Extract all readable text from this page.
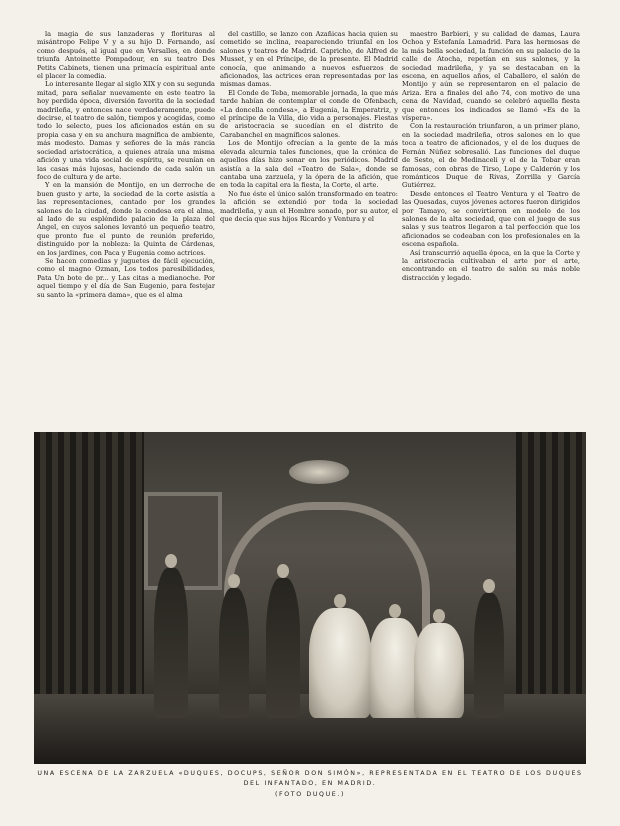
la magia de sus lanzaderas y florituras al misántropo Felipe V y a su hijo D. Fernando, así como después, al igual que en Versalles, en donde triunfa Antoinette Pompadour, en su teatro Des Petits Cabinets, tienen una primacía espiritual ante el placer la comedia.

Lo interesante llegar al siglo XIX y con su segunda mitad, para señalar nuevamente en este teatro la hoy perdida época, diversión favorita de la sociedad madrileña, y entonces nace verdaderamente, puede decirse, el teatro de salón, tiempos y acogidas, como todo lo selecto, pues los aficionados están en su propia casa y en su anchura magnífica de ambiente, más modesto. Damas y señores de la más rancia sociedad aristocrática, a quienes atraía una misma afición y una vida social de espíritu, se reunían en las casas más lujosas, haciendo de cada salón un foco de cultura y de arte.

Y en la mansión de Montijo, en un derroche de buen gusto y arte, la sociedad de la corte asistía a las representaciones, cantado por los grandes salones de la ciudad, donde la condesa era el alma, al lado de su espléndido palacio de la plaza del Ángel, en cuyos salones levantó un pequeño teatro, que pronto fue el punto de reunión preferido, distinguido por la nobleza: la Quinta de Cárdenas, en los jardines, con Paca y Eugenia como actrices.

Se hacen comedias y juguetes de fácil ejecución, como el magno Ozman, Los todos paresibilidades, Pata Un bote de pr... y Las citas a medianoche. Por aquel tiempo y el día de San Eugenio, para festejar su santo la «primera dama», que es el alma

del castillo, se lanzo con Azañicas hacia quien su cometido se inclina, reapareciendo triunfal en los salones y teatros de Madrid. Capricho, de Alfred de Musset, y en el Príncipe, de la presente. El Madrid conocía, que animando a nuevos esfuerzos de aficionados, las actrices eran representadas por las mismas damas.

El Conde de Teba, memorable jornada, la que más tarde habían de contemplar el conde de Ofenbach, «La doncella condesa», a Eugenia, la Emperatriz, y el príncipe de la Villa, dio vida a personajes. Fiestas de aristocracia se sucedían en el distrito de Carabanchel en magníficos salones.

Los de Montijo ofrecían a la gente de la más elevada alcurnia tales funciones, que la crónica de aquellos días hizo sonar en los periódicos. Madrid asistía a la sala del «Teatro de Sala», donde se cantaba una zarzuela, y la ópera de la afición, que en toda la capital era la fiesta, la Corte, el arte.

No fue éste el único salón transformado en teatro: la afición se extendió por toda la sociedad madrileña, y aun el Hombre sonado, por su autor, el que decía que sus hijos Ricardo y Ventura y el

maestro Barbieri, y su calidad de damas, Laura Ochoa y Estefanía Lamadrid. Para las hermosas de la más bella sociedad, la función en su palacio de la calle de Atocha, repetían en sus salones, y la sociedad madrileña, y ya se destacaban en la escena, en aquellos años, el Caballero, el salón de Montijo y aún se representaron en el palacio de Ariza. Era a finales del año 74, con motivo de una cena de Navidad, cuando se celebró aquella fiesta que entonces los indicados se llamó «Es de la víspera».

Con la restauración triunfaron, a un primer plano, en la sociedad madrileña, otros salones en lo que toca a teatro de aficionados, y el de los duques de Fernán Núñez sobresalió. Las funciones del duque de Sesto, el de Medinaceli y el de la Tobar eran famosas, con obras de Tirso, Lope y Calderón y los románticos Duque de Rivas, Zorrilla y García Gutiérrez.

Desde entonces el Teatro Ventura y el Teatro de las Quesadas, cuyos jóvenes actores fueron dirigidos por Tamayo, se convirtieron en modelo de los salones de la alta sociedad, que con el juego de sus salas y sus teatros llegaron a tal perfección que los aficionados se codeaban con los profesionales en la escena española.

Así transcurrió aquella época, en la que la Corte y la aristocracia cultivaban el arte por el arte, encontrando en el teatro de salón su más noble distracción y legado.

UNA ESCENA DE LA ZARZUELA «DUQUES, DOCUPS, SEÑOR DON SIMÓN», REPRESENTADA EN EL TEATRO DE LOS DUQUES DEL INFANTADO, EN MADRID.
(FOTO DUQUE.)
